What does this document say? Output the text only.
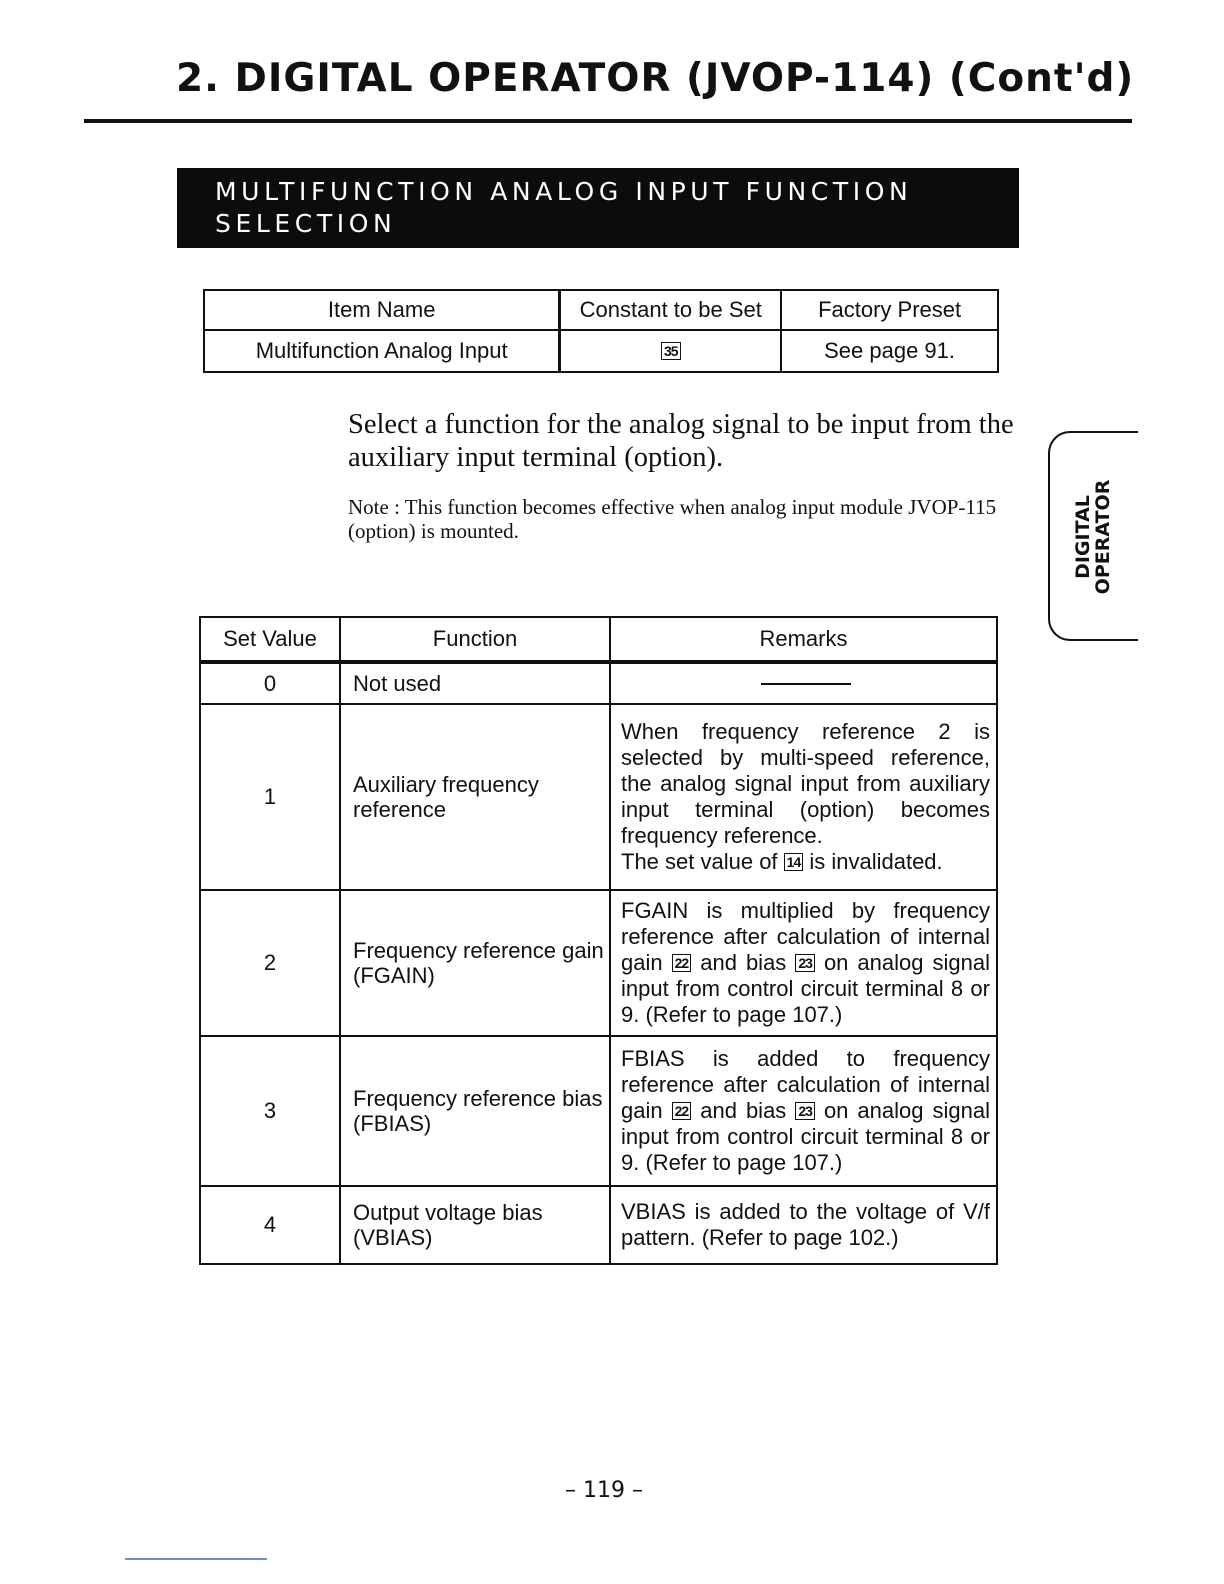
2. DIGITAL OPERATOR (JVOP-114) (Cont'd)
MULTIFUNCTION ANALOG INPUT FUNCTION
SELECTION
Item Name	Constant to be Set	Factory Preset
Multifunction Analog Input	35	See page 91.
Select a function for the analog signal to be input from the auxiliary input terminal (option).
Note : This function becomes effective when analog input module JVOP-115 (option) is mounted.	DIGITAL
OPERATOR
Set Value	Function	Remarks
0	Not used	

1	Auxiliary frequency reference	When frequency reference 2 is selected by multi-speed reference, the analog signal input from auxiliary input terminal (option) becomes frequency reference.
The set value of 14 is invalidated.
2	Frequency reference gain (FGAIN)	FGAIN is multiplied by frequency reference after calculation of internal gain 22 and bias 23 on analog signal input from control circuit terminal 8 or 9. (Refer to page 107.)
3	Frequency reference bias (FBIAS)	FBIAS is added to frequency reference after calculation of internal gain 22 and bias 23 on analog signal input from control circuit terminal 8 or 9. (Refer to page 107.)
4	Output voltage bias (VBIAS)	VBIAS is added to the voltage of V/f pattern. (Refer to page 102.)
– 119 –
